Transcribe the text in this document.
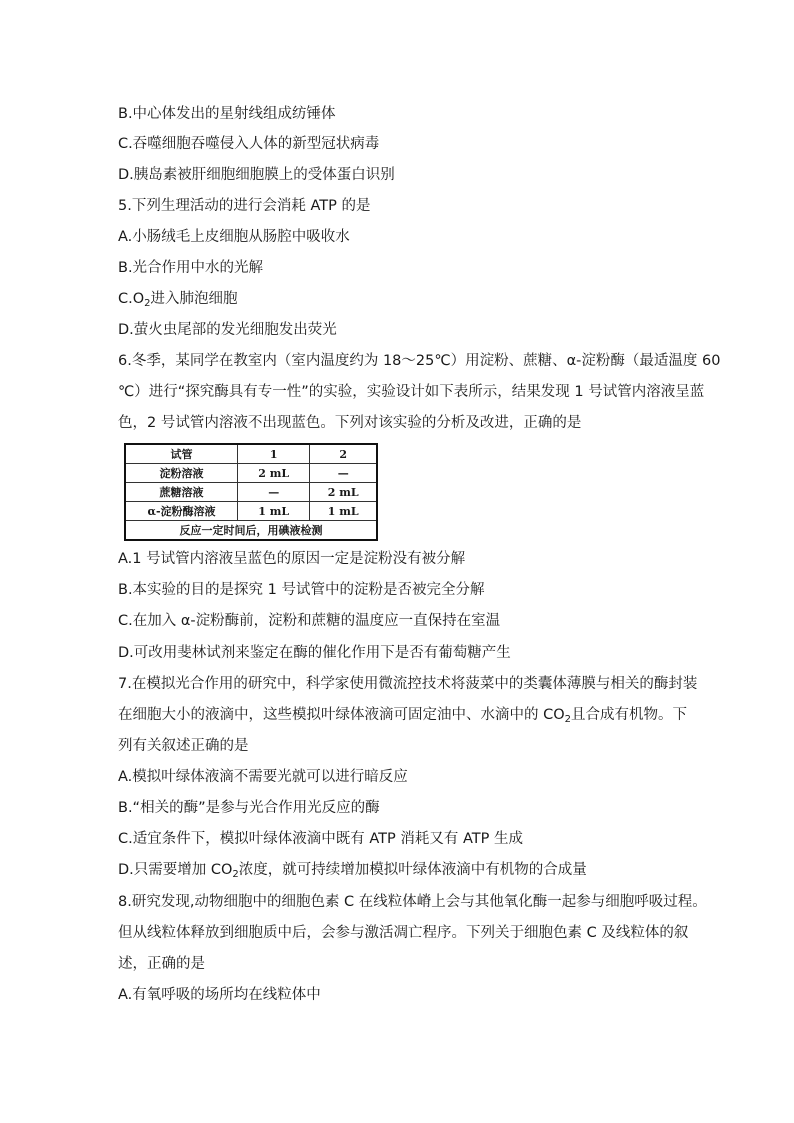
B.中心体发出的星射线组成纺锤体
C.吞噬细胞吞噬侵入人体的新型冠状病毒
D.胰岛素被肝细胞细胞膜上的受体蛋白识别
5.下列生理活动的进行会消耗 ATP 的是
A.小肠绒毛上皮细胞从肠腔中吸收水
B.光合作用中水的光解
$C.O_2$进入肺泡细胞
D.萤火虫尾部的发光细胞发出荧光
6.冬季，某同学在教室内（室内温度约为 18～25℃）用淀粉、蔗糖、α-淀粉酶（最适温度 60
℃）进行“探究酶具有专一性”的实验，实验设计如下表所示，结果发现 1 号试管内溶液呈蓝
色，2 号试管内溶液不出现蓝色。下列对该实验的分析及改进，正确的是
试管	1	2
淀粉溶液	2 mL	—
蔗糖溶液	—	2 mL
α-淀粉酶溶液	1 mL	1 mL
反应一定时间后，用碘液检测		
A.1 号试管内溶液呈蓝色的原因一定是淀粉没有被分解
B.本实验的目的是探究 1 号试管中的淀粉是否被完全分解
C.在加入 α-淀粉酶前，淀粉和蔗糖的温度应一直保持在室温
D.可改用斐林试剂来鉴定在酶的催化作用下是否有葡萄糖产生
7.在模拟光合作用的研究中，科学家使用微流控技术将菠菜中的类囊体薄膜与相关的酶封装
在细胞大小的液滴中，这些模拟叶绿体液滴可固定油中、水滴中的 $CO_2$且合成有机物。下
列有关叙述正确的是
A.模拟叶绿体液滴不需要光就可以进行暗反应
B.“相关的酶”是参与光合作用光反应的酶
C.适宜条件下，模拟叶绿体液滴中既有 ATP 消耗又有 ATP 生成
D.只需要增加 $CO_2$浓度，就可持续增加模拟叶绿体液滴中有机物的合成量
8.研究发现,动物细胞中的细胞色素 C 在线粒体嵴上会与其他氧化酶一起参与细胞呼吸过程。
但从线粒体释放到细胞质中后，会参与激活凋亡程序。下列关于细胞色素 C 及线粒体的叙
述，正确的是
A.有氧呼吸的场所均在线粒体中
